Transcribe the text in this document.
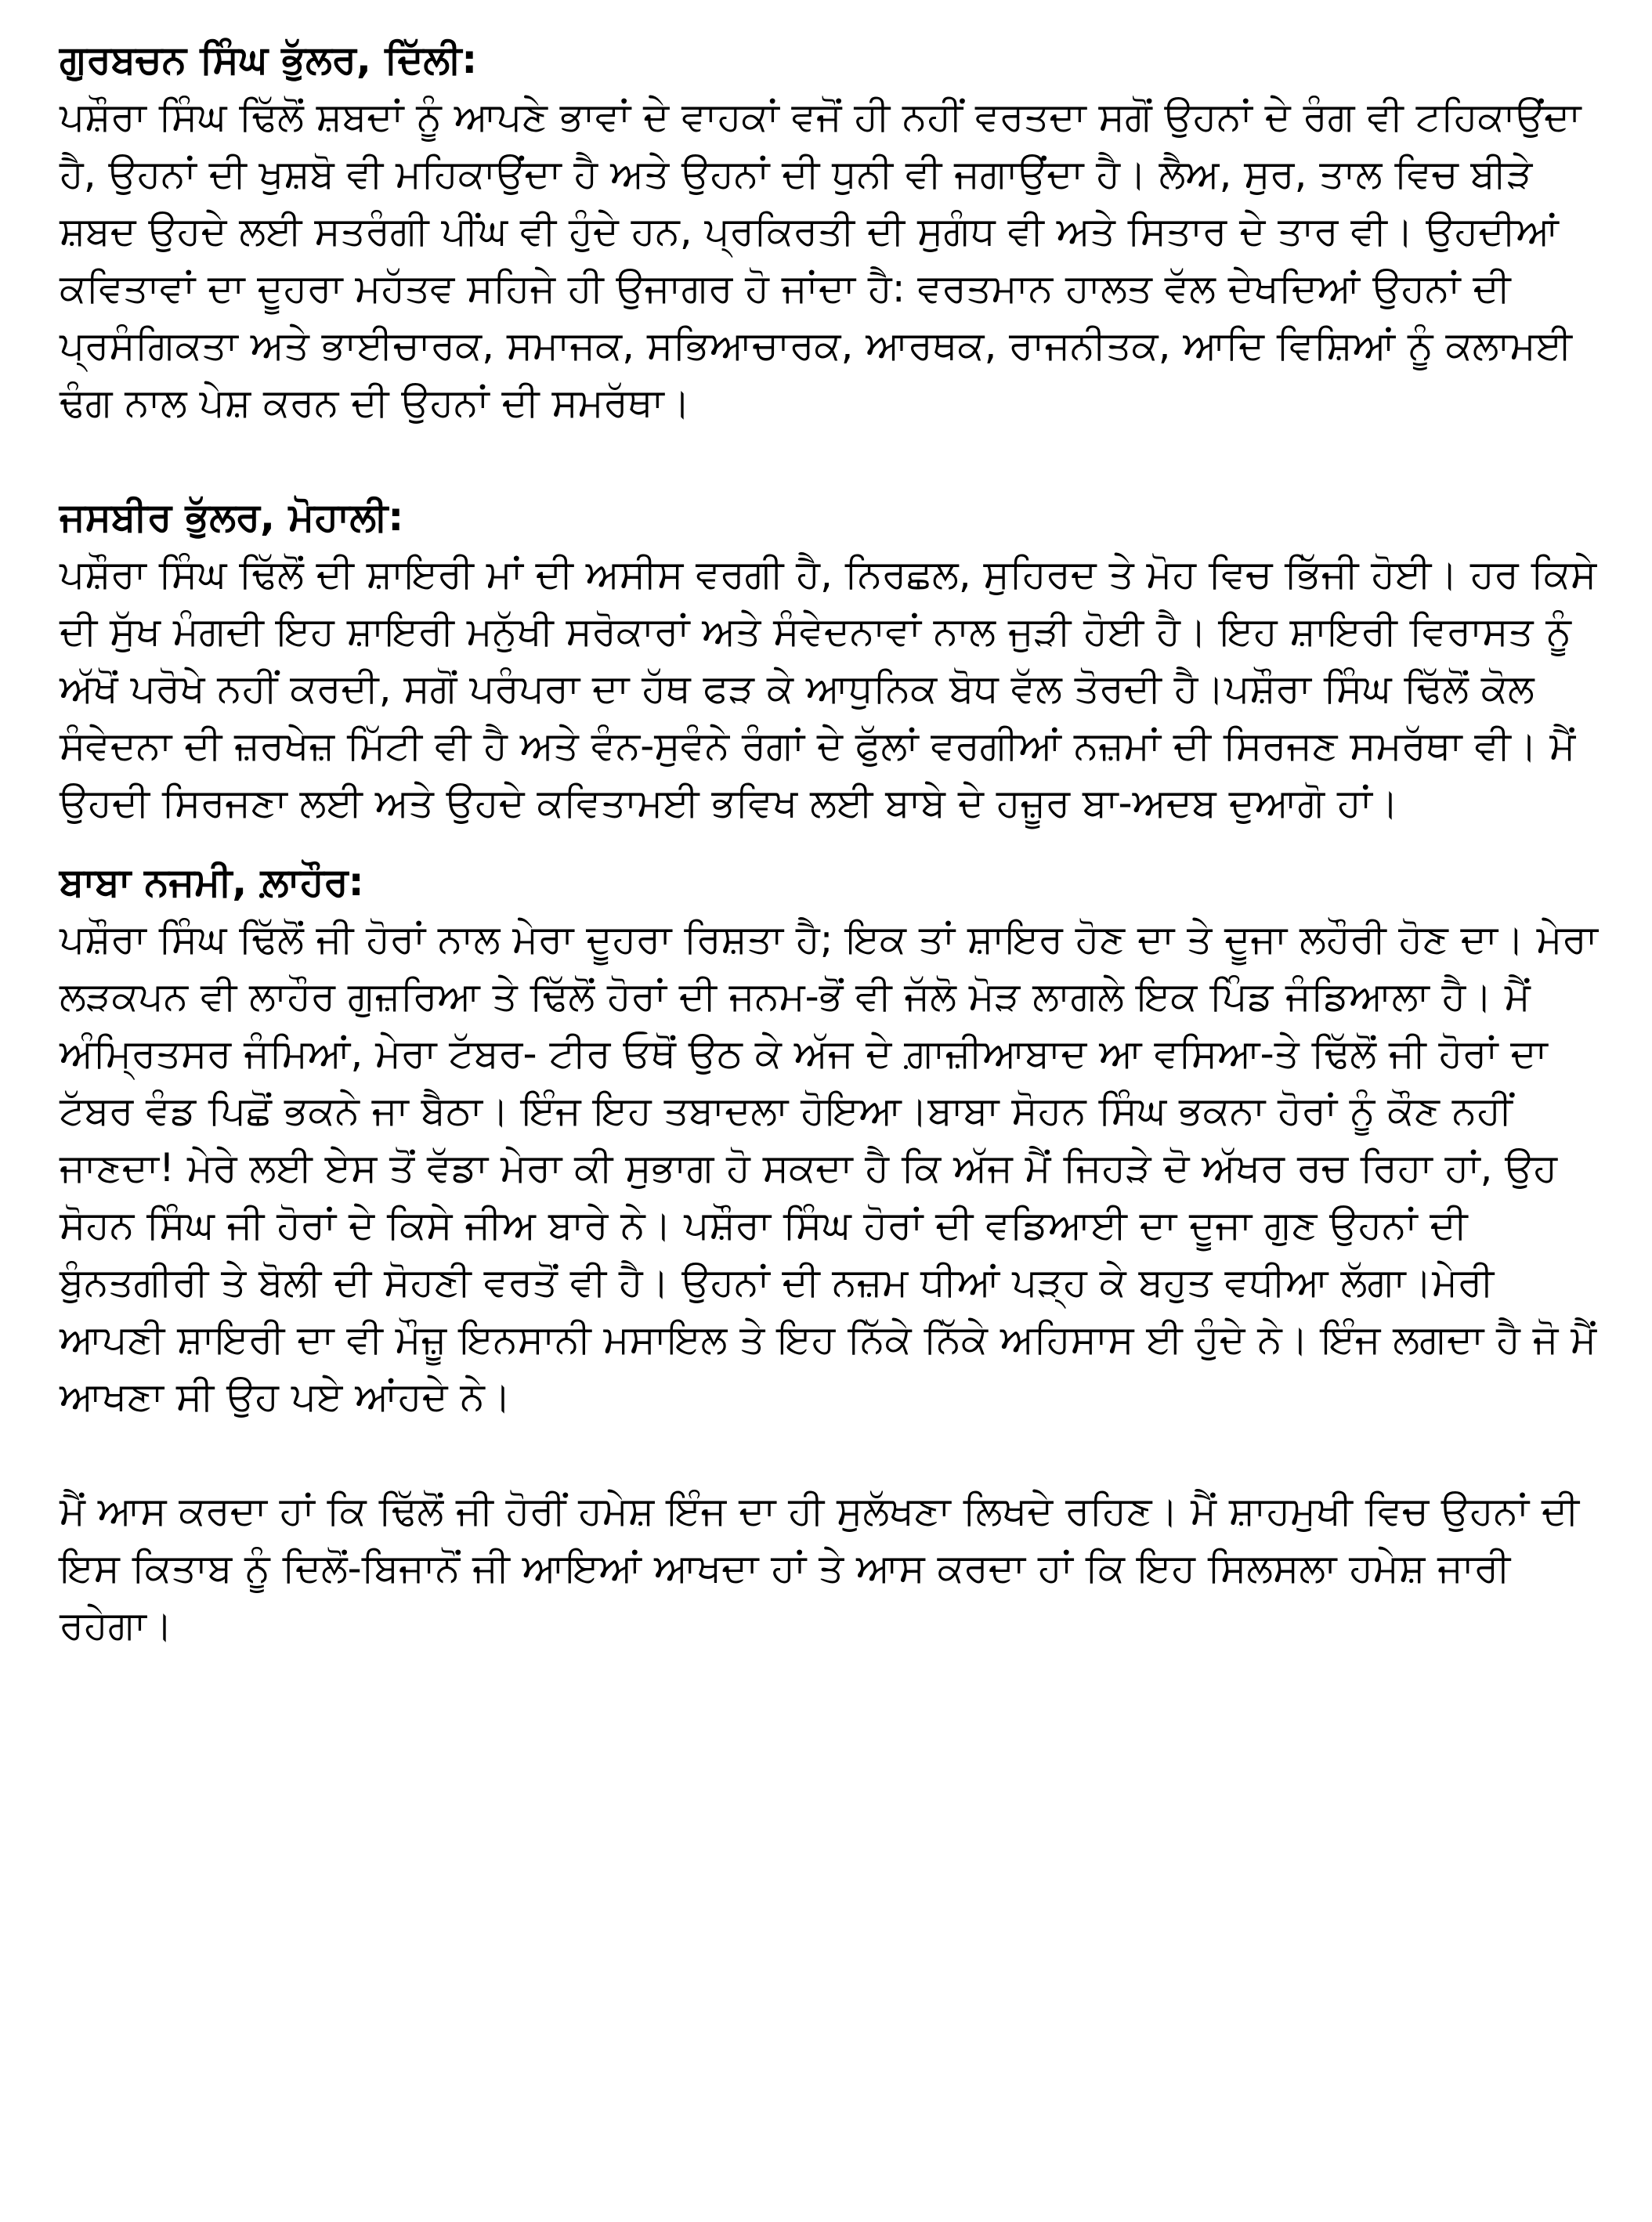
ਗੁਰਬਚਨ ਸਿੰਘ ਭੁੱਲਰ, ਦਿੱਲੀ:

ਪਸ਼ੌਰਾ ਸਿੰਘ ਢਿੱਲੋਂ ਸ਼ਬਦਾਂ ਨੂੰ ਆਪਣੇ ਭਾਵਾਂ ਦੇ ਵਾਹਕਾਂ ਵਜੋਂ ਹੀ ਨਹੀਂ ਵਰਤਦਾ ਸਗੋਂ ਉਹਨਾਂ ਦੇ ਰੰਗ ਵੀ ਟਹਿਕਾਉਂਦਾ ਹੈ, ਉਹਨਾਂ ਦੀ ਖੁਸ਼ਬੋ ਵੀ ਮਹਿਕਾਉਂਦਾ ਹੈ ਅਤੇ ਉਹਨਾਂ ਦੀ ਧੁਨੀ ਵੀ ਜਗਾਉਂਦਾ ਹੈ। ਲੈਅ, ਸੁਰ, ਤਾਲ ਵਿਚ ਬੀੜੇ ਸ਼ਬਦ ਉਹਦੇ ਲਈ ਸਤਰੰਗੀ ਪੀਂਘ ਵੀ ਹੁੰਦੇ ਹਨ, ਪ੍ਰਕਿਰਤੀ ਦੀ ਸੁਗੰਧ ਵੀ ਅਤੇ ਸਿਤਾਰ ਦੇ ਤਾਰ ਵੀ। ਉਹਦੀਆਂ ਕਵਿਤਾਵਾਂ ਦਾ ਦੂਹਰਾ ਮਹੱਤਵ ਸਹਿਜੇ ਹੀ ਉਜਾਗਰ ਹੋ ਜਾਂਦਾ ਹੈ: ਵਰਤਮਾਨ ਹਾਲਤ ਵੱਲ ਦੇਖਦਿਆਂ ਉਹਨਾਂ ਦੀ ਪ੍ਰਸੰਗਿਕਤਾ ਅਤੇ ਭਾਈਚਾਰਕ, ਸਮਾਜਕ, ਸਭਿਆਚਾਰਕ, ਆਰਥਕ, ਰਾਜਨੀਤਕ, ਆਦਿ ਵਿਸ਼ਿਆਂ ਨੂੰ ਕਲਾਮਈ ਢੰਗ ਨਾਲ ਪੇਸ਼ ਕਰਨ ਦੀ ਉਹਨਾਂ ਦੀ ਸਮਰੱਥਾ।

ਜਸਬੀਰ ਭੁੱਲਰ, ਮੋਹਾਲੀ:

ਪਸ਼ੌਰਾ ਸਿੰਘ ਢਿੱਲੋਂ ਦੀ ਸ਼ਾਇਰੀ ਮਾਂ ਦੀ ਅਸੀਸ ਵਰਗੀ ਹੈ, ਨਿਰਛਲ, ਸੁਹਿਰਦ ਤੇ ਮੋਹ ਵਿਚ ਭਿੱਜੀ ਹੋਈ। ਹਰ ਕਿਸੇ ਦੀ ਸੁੱਖ ਮੰਗਦੀ ਇਹ ਸ਼ਾਇਰੀ ਮਨੁੱਖੀ ਸਰੋਕਾਰਾਂ ਅਤੇ ਸੰਵੇਦਨਾਵਾਂ ਨਾਲ ਜੁੜੀ ਹੋਈ ਹੈ। ਇਹ ਸ਼ਾਇਰੀ ਵਿਰਾਸਤ ਨੂੰ ਅੱਖੋਂ ਪਰੋਖੇ ਨਹੀਂ ਕਰਦੀ, ਸਗੋਂ ਪਰੰਪਰਾ ਦਾ ਹੱਥ ਫੜ ਕੇ ਆਧੁਨਿਕ ਬੋਧ ਵੱਲ ਤੋਰਦੀ ਹੈ।ਪਸ਼ੌਰਾ ਸਿੰਘ ਢਿੱਲੋਂ ਕੋਲ ਸੰਵੇਦਨਾ ਦੀ ਜ਼ਰਖੇਜ਼ ਮਿੱਟੀ ਵੀ ਹੈ ਅਤੇ ਵੰਨ-ਸੁਵੰਨੇ ਰੰਗਾਂ ਦੇ ਫੁੱਲਾਂ ਵਰਗੀਆਂ ਨਜ਼ਮਾਂ ਦੀ ਸਿਰਜਣ ਸਮਰੱਥਾ ਵੀ। ਮੈਂ ਉਹਦੀ ਸਿਰਜਣਾ ਲਈ ਅਤੇ ਉਹਦੇ ਕਵਿਤਾਮਈ ਭਵਿਖ ਲਈ ਬਾਬੇ ਦੇ ਹਜ਼ੂਰ ਬਾ-ਅਦਬ ਦੁਆਗੋ ਹਾਂ।

ਬਾਬਾ ਨਜਮੀ, ਲ਼ਾਹੌਰ:

ਪਸ਼ੌਰਾ ਸਿੰਘ ਢਿੱਲੋਂ ਜੀ ਹੋਰਾਂ ਨਾਲ ਮੇਰਾ ਦੂਹਰਾ ਰਿਸ਼ਤਾ ਹੈ; ਇਕ ਤਾਂ ਸ਼ਾਇਰ ਹੋਣ ਦਾ ਤੇ ਦੂਜਾ ਲਹੌਰੀ ਹੋਣ ਦਾ। ਮੇਰਾ ਲੜਕਪਨ ਵੀ ਲਾਹੌਰ ਗੁਜ਼ਰਿਆ ਤੇ ਢਿੱਲੋਂ ਹੋਰਾਂ ਦੀ ਜਨਮ-ਭੋਂ ਵੀ ਜੱਲੋ ਮੋੜ ਲਾਗਲੇ ਇਕ ਪਿੰਡ ਜੰਡਿਆਲਾ ਹੈ। ਮੈਂ ਅੰਮ੍ਰਿਤਸਰ ਜੰਮਿਆਂ, ਮੇਰਾ ਟੱਬਰ- ਟੀਰ ਓਥੋਂ ਉਠ ਕੇ ਅੱਜ ਦੇ ਗ਼ਾਜ਼ੀਆਬਾਦ ਆ ਵਸਿਆ-ਤੇ ਢਿੱਲੋਂ ਜੀ ਹੋਰਾਂ ਦਾ ਟੱਬਰ ਵੰਡ ਪਿਛੋਂ ਭਕਨੇ ਜਾ ਬੈਠਾ। ਇੰਜ ਇਹ ਤਬਾਦਲਾ ਹੋਇਆ।ਬਾਬਾ ਸੋਹਨ ਸਿੰਘ ਭਕਨਾ ਹੋਰਾਂ ਨੂੰ ਕੌਣ ਨਹੀਂ ਜਾਣਦਾ! ਮੇਰੇ ਲਈ ਏਸ ਤੋਂ ਵੱਡਾ ਮੇਰਾ ਕੀ ਸੁਭਾਗ ਹੋ ਸਕਦਾ ਹੈ ਕਿ ਅੱਜ ਮੈਂ ਜਿਹੜੇ ਦੋ ਅੱਖਰ ਰਚ ਰਿਹਾ ਹਾਂ, ਉਹ ਸੋਹਨ ਸਿੰਘ ਜੀ ਹੋਰਾਂ ਦੇ ਕਿਸੇ ਜੀਅ ਬਾਰੇ ਨੇ। ਪਸ਼ੌਰਾ ਸਿੰਘ ਹੋਰਾਂ ਦੀ ਵਡਿਆਈ ਦਾ ਦੂਜਾ ਗੁਣ ਉਹਨਾਂ ਦੀ ਬੁੰਨਤਗੀਰੀ ਤੇ ਬੋਲੀ ਦੀ ਸੋਹਣੀ ਵਰਤੋਂ ਵੀ ਹੈ। ਉਹਨਾਂ ਦੀ ਨਜ਼ਮ ਧੀਆਂ ਪੜ੍ਹ ਕੇ ਬਹੁਤ ਵਧੀਆ ਲੱਗਾ।ਮੇਰੀ ਆਪਣੀ ਸ਼ਾਇਰੀ ਦਾ ਵੀ ਮੌਜ਼ੂ ਇਨਸਾਨੀ ਮਸਾਇਲ ਤੇ ਇਹ ਨਿੱਕੇ ਨਿੱਕੇ ਅਹਿਸਾਸ ਈ ਹੁੰਦੇ ਨੇ। ਇੰਜ ਲਗਦਾ ਹੈ ਜੋ ਮੈਂ ਆਖਣਾ ਸੀ ਉਹ ਪਏ ਆਂਹਦੇ ਨੇ।

ਮੈਂ ਆਸ ਕਰਦਾ ਹਾਂ ਕਿ ਢਿੱਲੋਂ ਜੀ ਹੋਰੀਂ ਹਮੇਸ਼ ਇੰਜ ਦਾ ਹੀ ਸੁਲੱਖਣਾ ਲਿਖਦੇ ਰਹਿਣ। ਮੈਂ ਸ਼ਾਹਮੁਖੀ ਵਿਚ ਉਹਨਾਂ ਦੀ ਇਸ ਕਿਤਾਬ ਨੂੰ ਦਿਲੋਂ-ਬਿਜਾਨੋਂ ਜੀ ਆਇਆਂ ਆਖਦਾ ਹਾਂ ਤੇ ਆਸ ਕਰਦਾ ਹਾਂ ਕਿ ਇਹ ਸਿਲਸਲਾ ਹਮੇਸ਼ ਜਾਰੀ ਰਹੇਗਾ।
